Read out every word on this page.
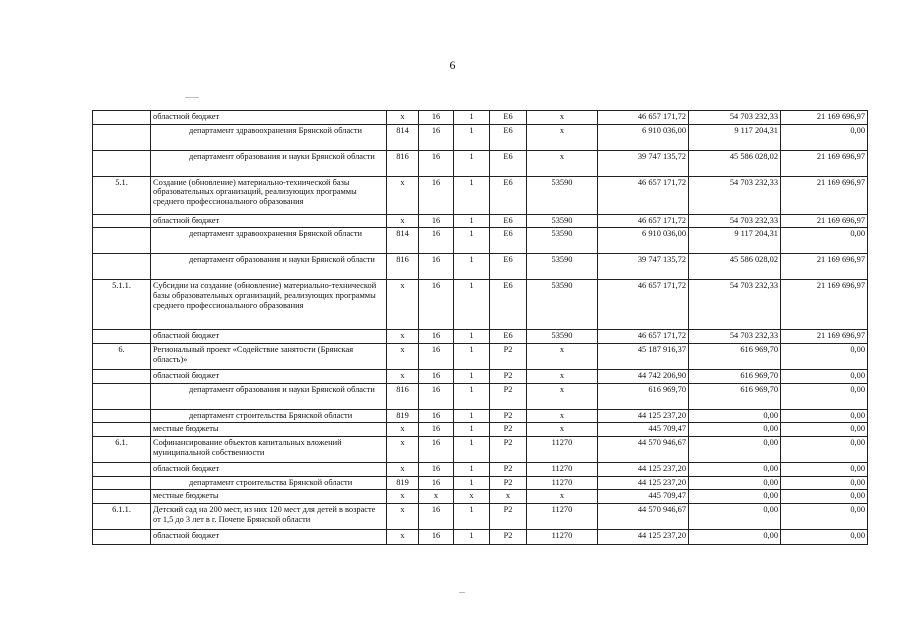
6
	областной бюджет	x	16	1	E6	x	46 657 171,72	54 703 232,33	21 169 696,97
	департамент здравоохранения Брянской области	814	16	1	E6	x	6 910 036,00	9 117 204,31	0,00
	департамент образования и науки Брянской области	816	16	1	E6	x	39 747 135,72	45 586 028,02	21 169 696,97
5.1.	Создание (обновление) материально-технической базы образовательных организаций, реализующих программы среднего профессионального образования	x	16	1	E6	53590	46 657 171,72	54 703 232,33	21 169 696,97
	областной бюджет	x	16	1	E6	53590	46 657 171,72	54 703 232,33	21 169 696,97
	департамент здравоохранения Брянской области	814	16	1	E6	53590	6 910 036,00	9 117 204,31	0,00
	департамент образования и науки Брянской области	816	16	1	E6	53590	39 747 135,72	45 586 028,02	21 169 696,97
5.1.1.	Субсидии на создание (обновление) материально-технической базы образовательных организаций, реализующих программы среднего профессионального образования	x	16	1	E6	53590	46 657 171,72	54 703 232,33	21 169 696,97
	областной бюджет	x	16	1	E6	53590	46 657 171,72	54 703 232,33	21 169 696,97
6.	Региональный проект «Содействие занятости (Брянская область)»	x	16	1	P2	x	45 187 916,37	616 969,70	0,00
	областной бюджет	x	16	1	P2	x	44 742 206,90	616 969,70	0,00
	департамент образования и науки Брянской области	816	16	1	P2	x	616 969,70	616 969,70	0,00
	департамент строительства Брянской области	819	16	1	P2	x	44 125 237,20	0,00	0,00
	местные бюджеты	x	16	1	P2	x	445 709,47	0,00	0,00
6.1.	Софинансирование объектов капитальных вложений муниципальной собственности	x	16	1	P2	11270	44 570 946,67	0,00	0,00
	областной бюджет	x	16	1	P2	11270	44 125 237,20	0,00	0,00
	департамент строительства Брянской области	819	16	1	P2	11270	44 125 237,20	0,00	0,00
	местные бюджеты	x	x	x	x	x	445 709,47	0,00	0,00
6.1.1.	Детский сад на 200 мест, из них 120 мест для детей в возрасте от 1,5 до 3 лет в г. Почепе Брянской области	x	16	1	P2	11270	44 570 946,67	0,00	0,00
	областной бюджет	x	16	1	P2	11270	44 125 237,20	0,00	0,00
